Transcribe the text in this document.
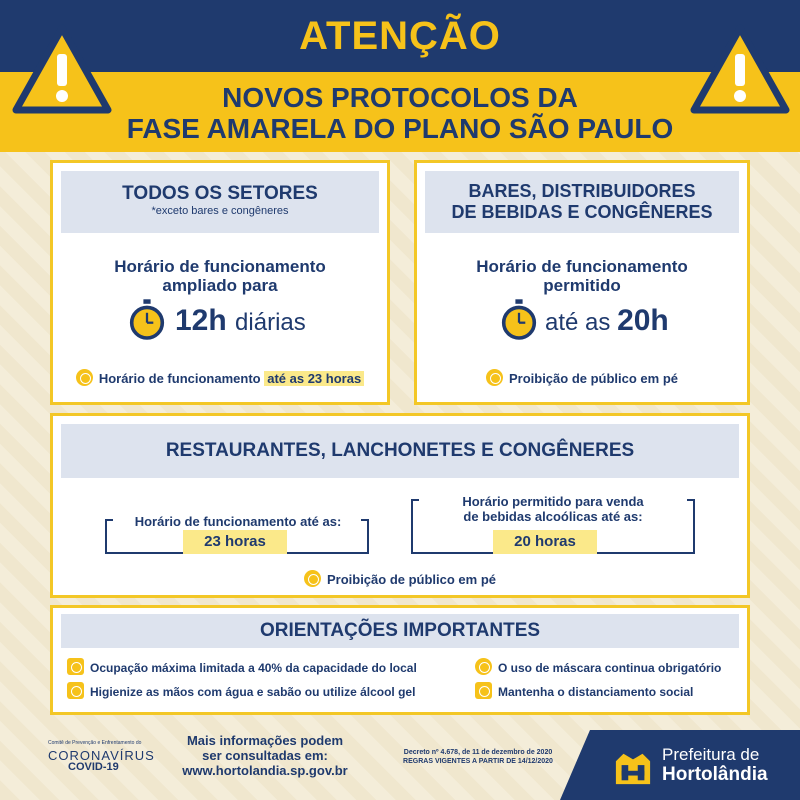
ATENÇÃO
NOVOS PROTOCOLOS DA
FASE AMARELA DO PLANO SÃO PAULO
TODOS OS SETORES
*exceto bares e congêneres
Horário de funcionamento
ampliado para
12h diárias
Horário de funcionamento até as 23 horas
BARES, DISTRIBUIDORES
DE BEBIDAS E CONGÊNERES
Horário de funcionamento
permitido
até as 20h
Proibição de público em pé
RESTAURANTES, LANCHONETES E CONGÊNERES
Horário de funcionamento até as:
23 horas
Horário permitido para venda
de bebidas alcoólicas até as:
20 horas
Proibição de público em pé
ORIENTAÇÕES IMPORTANTES
Ocupação máxima limitada a 40% da capacidade do local	O uso de máscara continua obrigatório
Higienize as mãos com água e sabão ou utilize álcool gel	Mantenha o distanciamento social
Comitê de Prevenção e Enfrentamento do
CORONAVÍRUS
COVID-19
Mais informações podem
ser consultadas em:
www.hortolandia.sp.gov.br
Decreto nº 4.678, de 11 de dezembro de 2020
REGRAS VIGENTES A PARTIR DE 14/12/2020	Prefeitura de
Hortolândia
